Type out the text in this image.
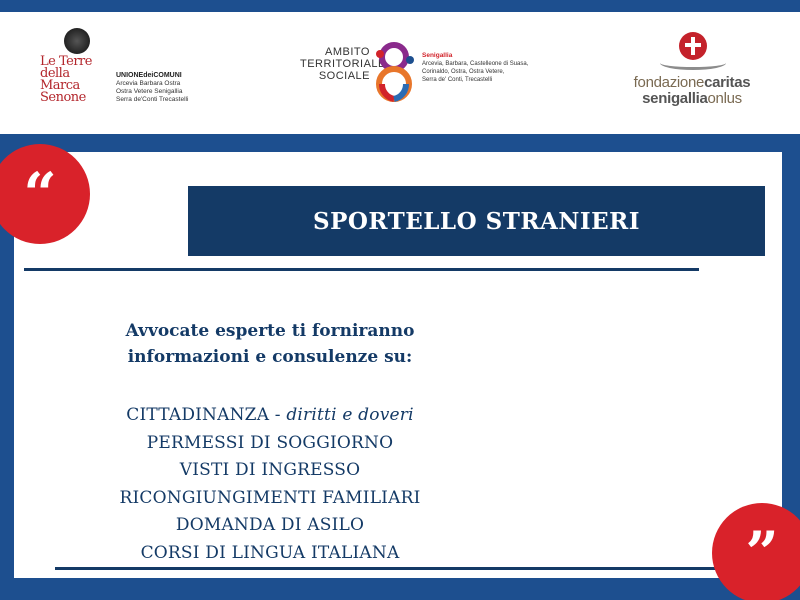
Le Terre della Marca Senone
UNIONEdeiCOMUNI
Arcevia Barbara Ostra
Ostra Vetere Senigallia
Serra de'Conti Trecastelli
AMBITO
TERRITORIALE
SOCIALE
Senigallia
Arcevia, Barbara, Castelleone di Suasa,
Corinaldo, Ostra, Ostra Vetere,
Serra de' Conti, Trecastelli	fondazionecaritas
senigalliaonlus
“	SPORTELLO STRANIERI
Avvocate esperte ti forniranno
informazioni e consulenze su:
CITTADINANZA - diritti e doveri
PERMESSI DI SOGGIORNO
VISTI DI INGRESSO
RICONGIUNGIMENTI FAMILIARI
DOMANDA DI ASILO
CORSI DI LINGUA ITALIANA	”
